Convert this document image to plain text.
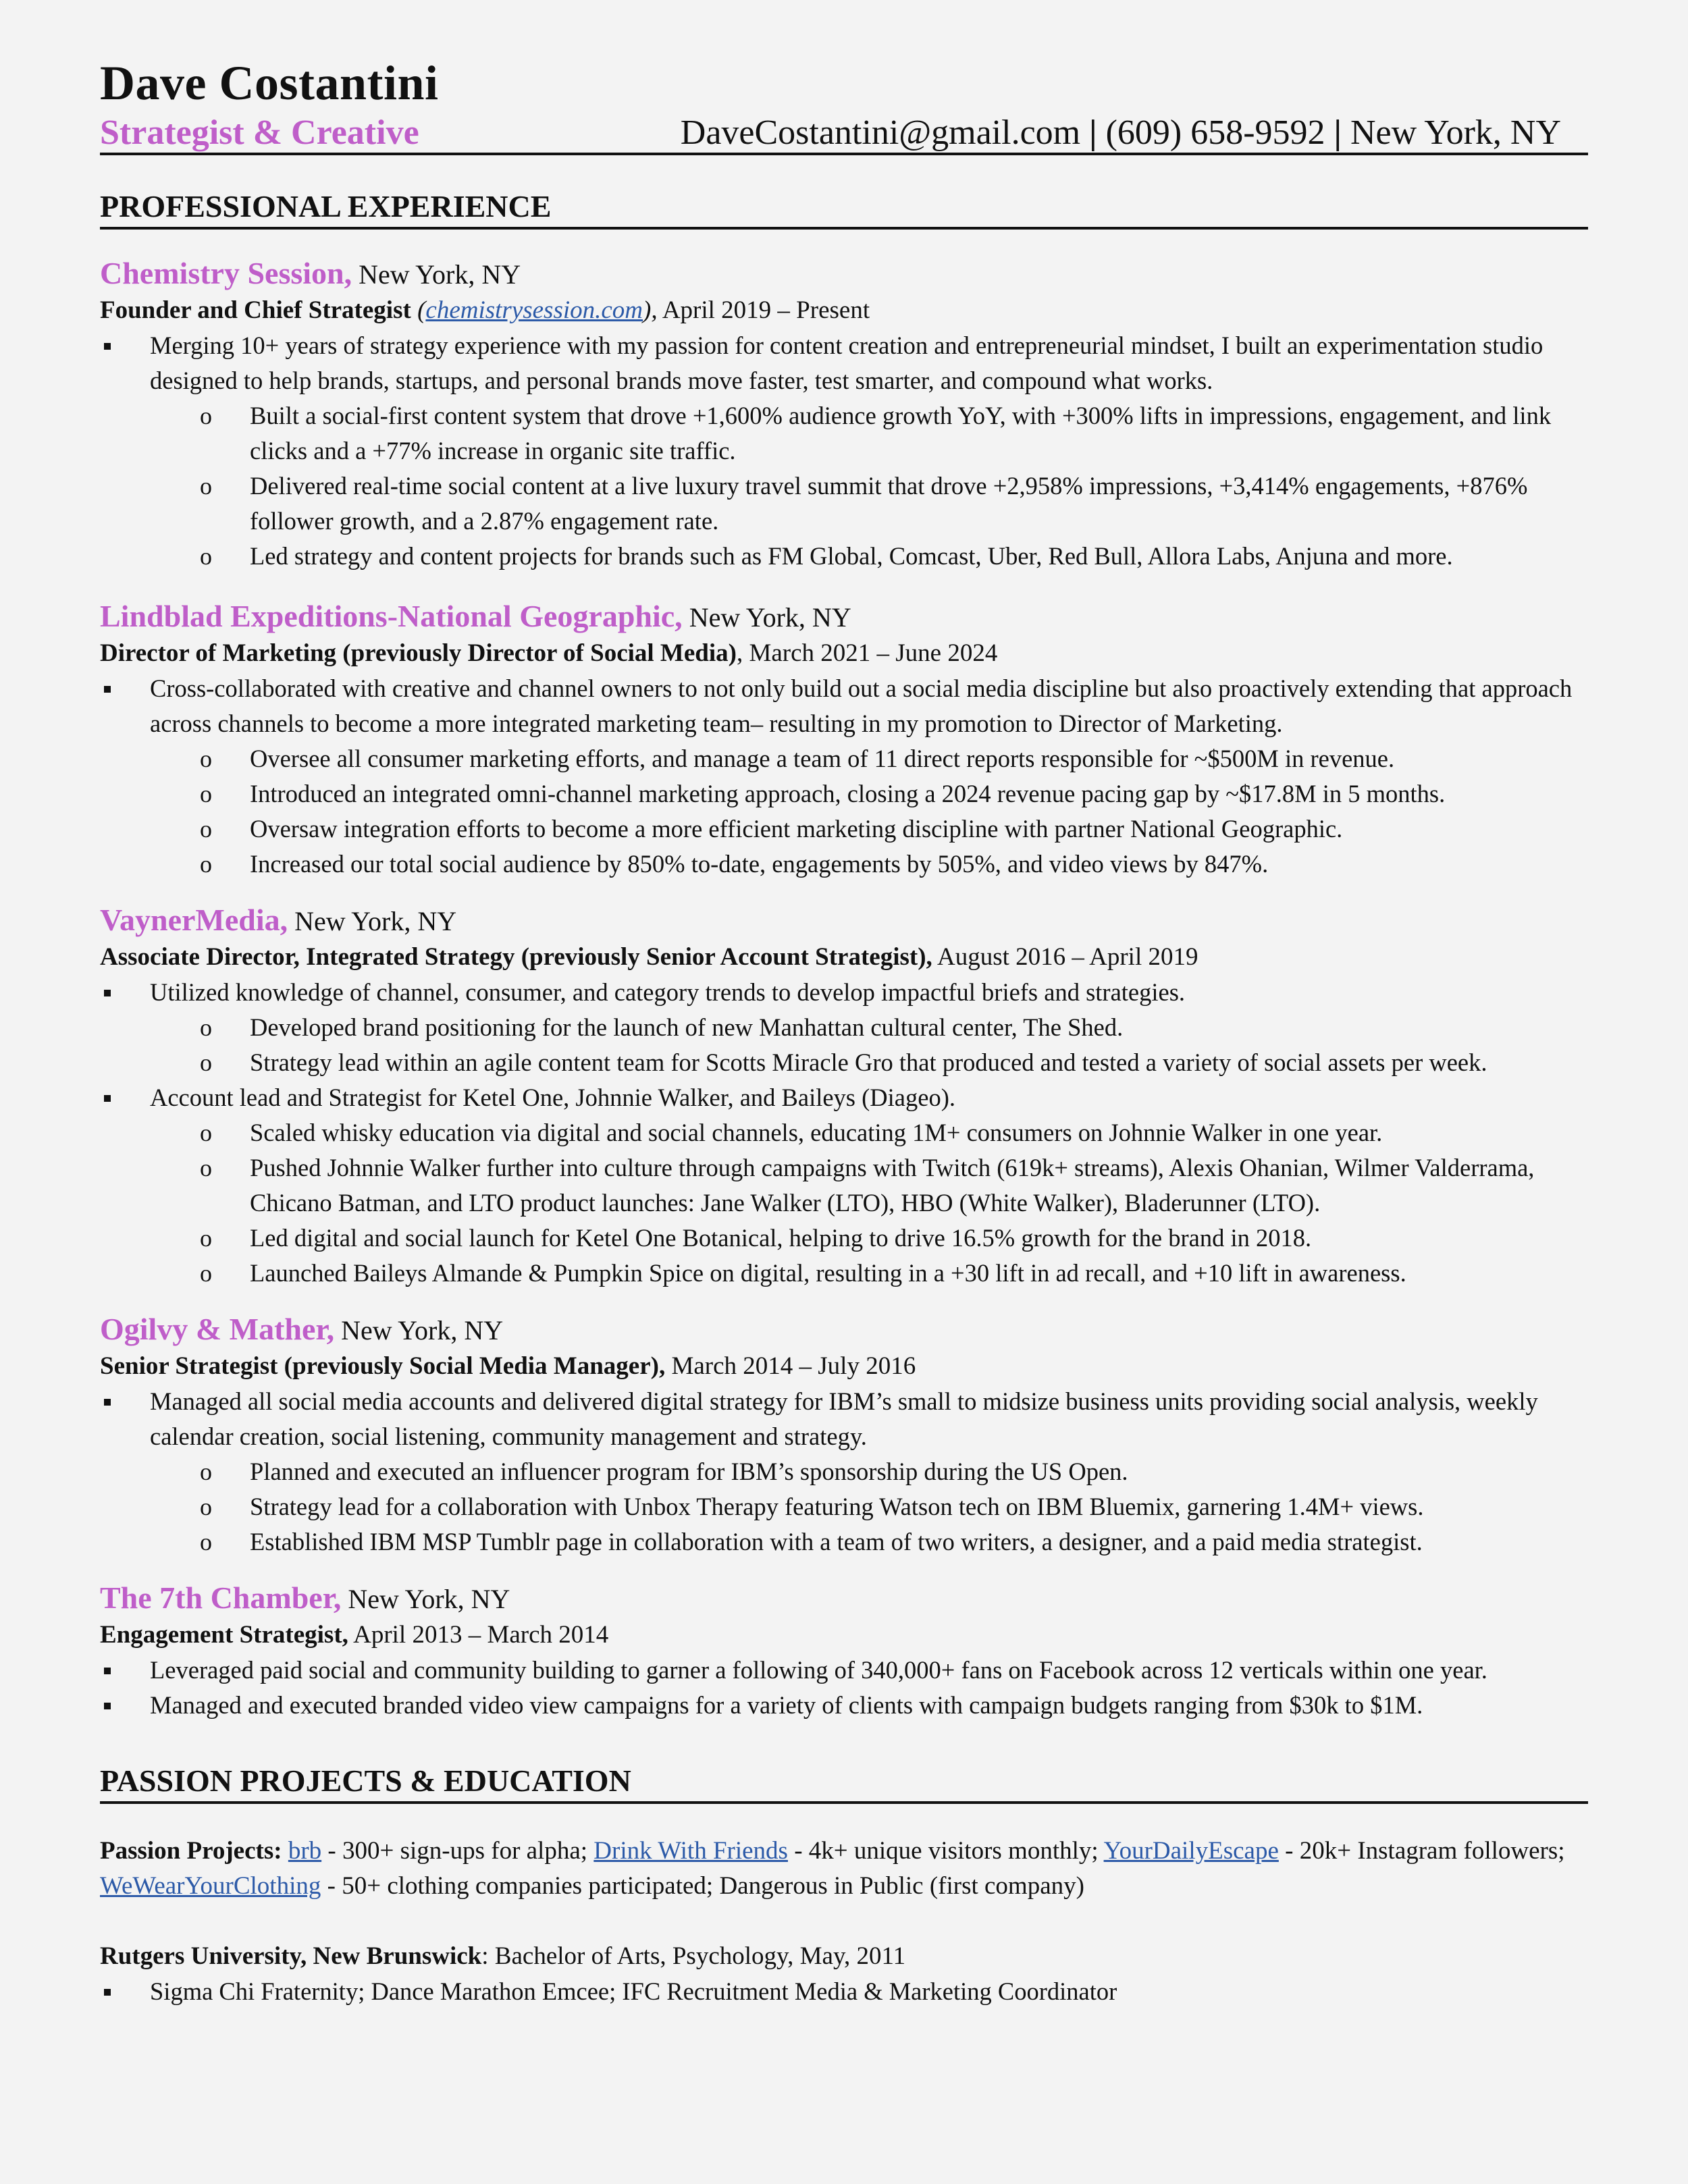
Dave Costantini
Strategist & Creative	DaveCostantini@gmail.com | (609) 658-9592 | New York, NY
PROFESSIONAL EXPERIENCE
Chemistry Session, New York, NY
Founder and Chief Strategist (chemistrysession.com), April 2019 – Present
Merging 10+ years of strategy experience with my passion for content creation and entrepreneurial mindset, I built an experimentation studio designed to help brands, startups, and personal brands move faster, test smarter, and compound what works.
o Built a social-first content system that drove +1,600% audience growth YoY, with +300% lifts in impressions, engagement, and link clicks and a +77% increase in organic site traffic.
o Delivered real-time social content at a live luxury travel summit that drove +2,958% impressions, +3,414% engagements, +876% follower growth, and a 2.87% engagement rate.
o Led strategy and content projects for brands such as FM Global, Comcast, Uber, Red Bull, Allora Labs, Anjuna and more.
Lindblad Expeditions-National Geographic, New York, NY
Director of Marketing (previously Director of Social Media), March 2021 – June 2024
Cross-collaborated with creative and channel owners to not only build out a social media discipline but also proactively extending that approach across channels to become a more integrated marketing team– resulting in my promotion to Director of Marketing.
o Oversee all consumer marketing efforts, and manage a team of 11 direct reports responsible for ~$500M in revenue.
o Introduced an integrated omni-channel marketing approach, closing a 2024 revenue pacing gap by ~$17.8M in 5 months.
o Oversaw integration efforts to become a more efficient marketing discipline with partner National Geographic.
o Increased our total social audience by 850% to-date, engagements by 505%, and video views by 847%.
VaynerMedia, New York, NY
Associate Director, Integrated Strategy (previously Senior Account Strategist), August 2016 – April 2019
Utilized knowledge of channel, consumer, and category trends to develop impactful briefs and strategies.
o Developed brand positioning for the launch of new Manhattan cultural center, The Shed.
o Strategy lead within an agile content team for Scotts Miracle Gro that produced and tested a variety of social assets per week.
Account lead and Strategist for Ketel One, Johnnie Walker, and Baileys (Diageo).
o Scaled whisky education via digital and social channels, educating 1M+ consumers on Johnnie Walker in one year.
o Pushed Johnnie Walker further into culture through campaigns with Twitch (619k+ streams), Alexis Ohanian, Wilmer Valderrama, Chicano Batman, and LTO product launches: Jane Walker (LTO), HBO (White Walker), Bladerunner (LTO).
o Led digital and social launch for Ketel One Botanical, helping to drive 16.5% growth for the brand in 2018.
o Launched Baileys Almande & Pumpkin Spice on digital, resulting in a +30 lift in ad recall, and +10 lift in awareness.
Ogilvy & Mather, New York, NY
Senior Strategist (previously Social Media Manager), March 2014 – July 2016
Managed all social media accounts and delivered digital strategy for IBM’s small to midsize business units providing social analysis, weekly calendar creation, social listening, community management and strategy.
o Planned and executed an influencer program for IBM’s sponsorship during the US Open.
o Strategy lead for a collaboration with Unbox Therapy featuring Watson tech on IBM Bluemix, garnering 1.4M+ views.
o Established IBM MSP Tumblr page in collaboration with a team of two writers, a designer, and a paid media strategist.
The 7th Chamber, New York, NY
Engagement Strategist, April 2013 – March 2014
Leveraged paid social and community building to garner a following of 340,000+ fans on Facebook across 12 verticals within one year.
Managed and executed branded video view campaigns for a variety of clients with campaign budgets ranging from $30k to $1M.
PASSION PROJECTS & EDUCATION
Passion Projects: brb - 300+ sign-ups for alpha; Drink With Friends - 4k+ unique visitors monthly; YourDailyEscape - 20k+ Instagram followers; WeWearYourClothing - 50+ clothing companies participated; Dangerous in Public (first company)
Rutgers University, New Brunswick: Bachelor of Arts, Psychology, May, 2011
Sigma Chi Fraternity; Dance Marathon Emcee; IFC Recruitment Media & Marketing Coordinator
